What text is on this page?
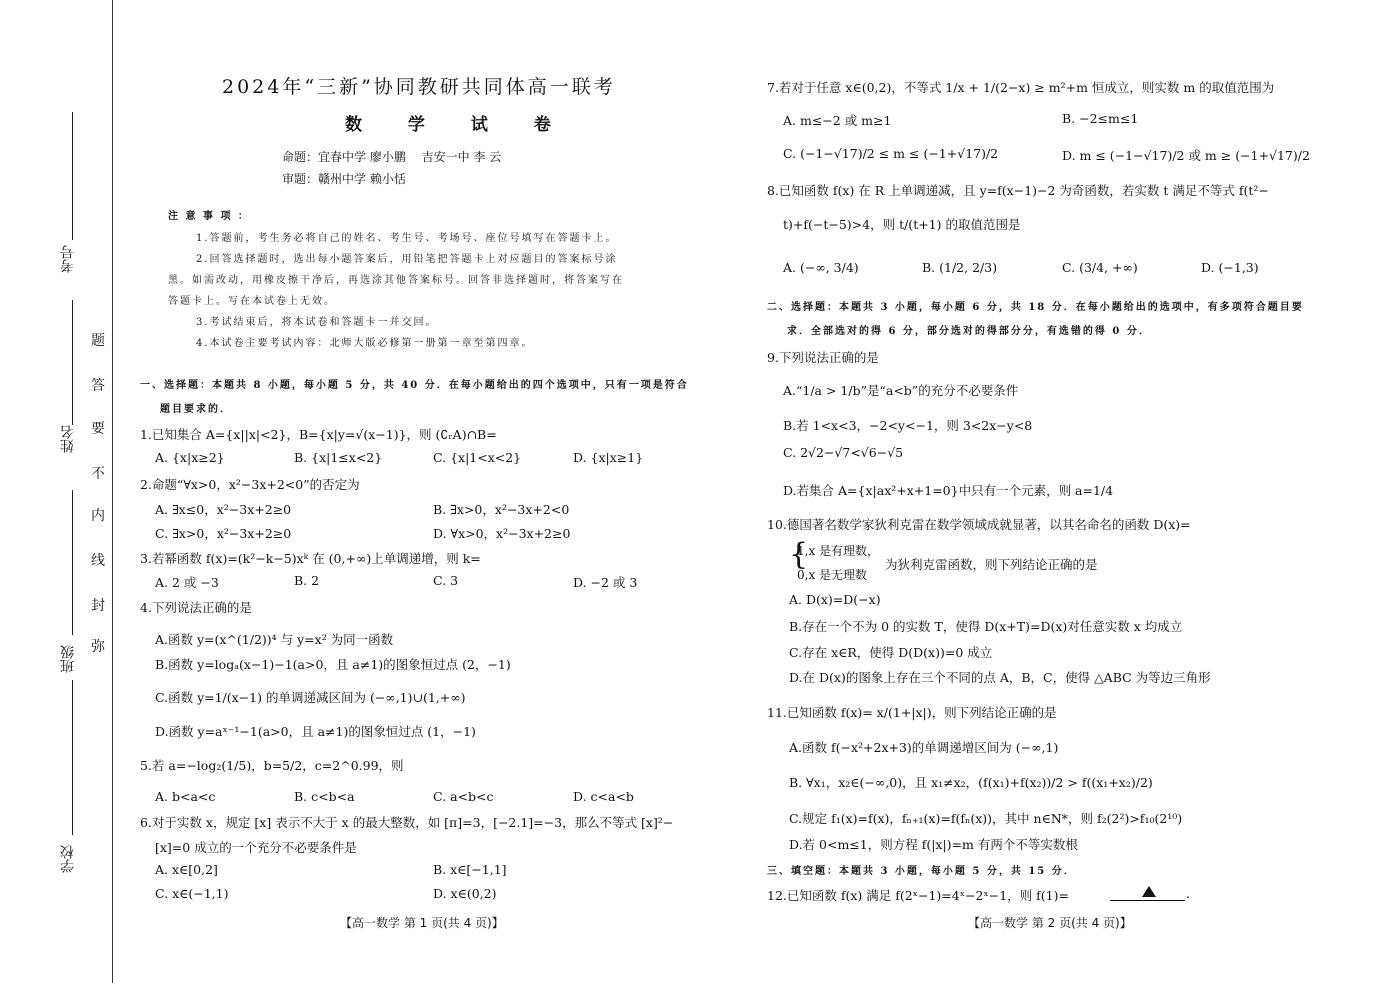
学校
班级
姓名
考号
弥
封
线
内
不
要
答
题
2024年“三新”协同教研共同体高一联考
数 学 试 卷
命题：宜春中学 廖小鹏　 吉安一中 李 云
审题：赣州中学 赖小恬
注 意 事 项 ：
1.答题前，考生务必将自己的姓名、考生号、考场号、座位号填写在答题卡上。
2.回答选择题时，选出每小题答案后，用铅笔把答题卡上对应题目的答案标号涂
黑。如需改动，用橡皮擦干净后，再选涂其他答案标号。回答非选择题时，将答案写在
答题卡上。写在本试卷上无效。
3.考试结束后，将本试卷和答题卡一并交回。
4.本试卷主要考试内容：北师大版必修第一册第一章至第四章。
一、选择题：本题共 8 小题，每小题 5 分，共 40 分．在每小题给出的四个选项中，只有一项是符合
题目要求的．
1.已知集合 A={x||x|<2}，B={x|y=√(x−1)}，则 (∁ᵣA)∩B=
A. {x|x≥2}	B. {x|1≤x<2}	C. {x|1<x<2}	D. {x|x≥1}
2.命题“∀x>0，x²−3x+2<0”的否定为
A. ∃x≤0，x²−3x+2≥0	B. ∃x>0，x²−3x+2<0
C. ∃x>0，x²−3x+2≥0	D. ∀x>0，x²−3x+2≥0
3.若幂函数 f(x)=(k²−k−5)xᵏ 在 (0,+∞)上单调递增，则 k=
A. 2 或 −3	B. 2	C. 3	D. −2 或 3
4.下列说法正确的是
A.函数 y=(x^(1/2))⁴ 与 y=x² 为同一函数
B.函数 y=logₐ(x−1)−1(a>0，且 a≠1)的图象恒过点 (2，−1)
C.函数 y=1/(x−1) 的单调递减区间为 (−∞,1)∪(1,+∞)
D.函数 y=aˣ⁻¹−1(a>0，且 a≠1)的图象恒过点 (1，−1)
5.若 a=−log₂(1/5)，b=5/2，c=2^0.99，则
A. b<a<c	B. c<b<a	C. a<b<c	D. c<a<b
6.对于实数 x，规定 [x] 表示不大于 x 的最大整数，如 [π]=3，[−2.1]=−3，那么不等式 [x]²−
[x]=0 成立的一个充分不必要条件是
A. x∈[0,2]	B. x∈[−1,1]
C. x∈(−1,1)	D. x∈(0,2)
【高一数学 第 1 页(共 4 页)】
7.若对于任意 x∈(0,2)，不等式 1/x + 1/(2−x) ≥ m²+m 恒成立，则实数 m 的取值范围为
A. m≤−2 或 m≥1	B. −2≤m≤1
C. (−1−√17)/2 ≤ m ≤ (−1+√17)/2	D. m ≤ (−1−√17)/2 或 m ≥ (−1+√17)/2
8.已知函数 f(x) 在 R 上单调递减，且 y=f(x−1)−2 为奇函数，若实数 t 满足不等式 f(t²−
t)+f(−t−5)>4，则 t/(t+1) 的取值范围是
A. (−∞, 3/4)	B. (1/2, 2/3)	C. (3/4, +∞)	D. (−1,3)
二、选择题：本题共 3 小题，每小题 6 分，共 18 分．在每小题给出的选项中，有多项符合题目要
求．全部选对的得 6 分，部分选对的得部分分，有选错的得 0 分．
9.下列说法正确的是
A.“1/a > 1/b”是“a<b”的充分不必要条件
B.若 1<x<3，−2<y<−1，则 3<2x−y<8
C. 2√2−√7<√6−√5
D.若集合 A={x|ax²+x+1=0}中只有一个元素，则 a=1/4
10.德国著名数学家狄利克雷在数学领域成就显著，以其名命名的函数 D(x)=
{
1,x 是有理数，
0,x 是无理数
为狄利克雷函数，则下列结论正确的是
A. D(x)=D(−x)
B.存在一个不为 0 的实数 T，使得 D(x+T)=D(x)对任意实数 x 均成立
C.存在 x∈R，使得 D(D(x))=0 成立
D.在 D(x)的图象上存在三个不同的点 A，B，C，使得 △ABC 为等边三角形
11.已知函数 f(x)= x/(1+|x|)，则下列结论正确的是
A.函数 f(−x²+2x+3)的单调递增区间为 (−∞,1)
B. ∀x₁，x₂∈(−∞,0)，且 x₁≠x₂，(f(x₁)+f(x₂))/2 > f((x₁+x₂)/2)
C.规定 f₁(x)=f(x)，fₙ₊₁(x)=f(fₙ(x))，其中 n∈N*，则 f₂(2²)>f₁₀(2¹⁰)
D.若 0<m≤1，则方程 f(|x|)=m 有两个不等实数根
三、填空题：本题共 3 小题，每小题 5 分，共 15 分．
12.已知函数 f(x) 满足 f(2ˣ−1)=4ˣ−2ˣ−1，则 f(1)=	.
【高一数学 第 2 页(共 4 页)】
